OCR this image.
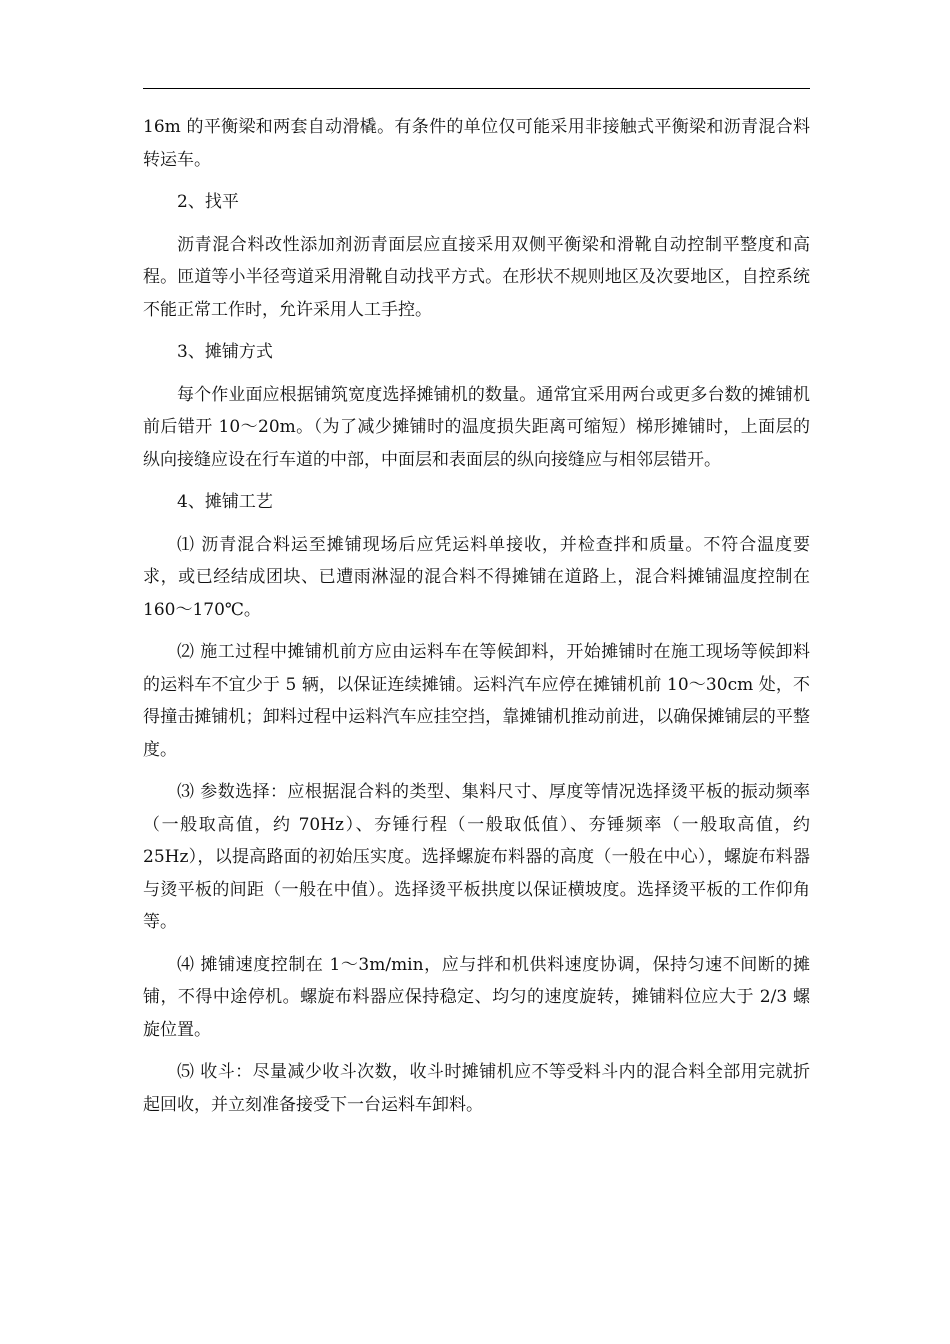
16m 的平衡梁和两套自动滑橇。有条件的单位仅可能采用非接触式平衡梁和沥青混合料转运车。

2、找平

沥青混合料改性添加剂沥青面层应直接采用双侧平衡梁和滑靴自动控制平整度和高程。匝道等小半径弯道采用滑靴自动找平方式。在形状不规则地区及次要地区，自控系统不能正常工作时，允许采用人工手控。

3、摊铺方式

每个作业面应根据铺筑宽度选择摊铺机的数量。通常宜采用两台或更多台数的摊铺机前后错开 10～20m。（为了减少摊铺时的温度损失距离可缩短）梯形摊铺时，上面层的纵向接缝应设在行车道的中部，中面层和表面层的纵向接缝应与相邻层错开。

4、摊铺工艺

⑴ 沥青混合料运至摊铺现场后应凭运料单接收，并检查拌和质量。不符合温度要求，或已经结成团块、已遭雨淋湿的混合料不得摊铺在道路上，混合料摊铺温度控制在 160～170℃。

⑵ 施工过程中摊铺机前方应由运料车在等候卸料，开始摊铺时在施工现场等候卸料的运料车不宜少于 5 辆，以保证连续摊铺。运料汽车应停在摊铺机前 10～30cm 处，不得撞击摊铺机；卸料过程中运料汽车应挂空挡，靠摊铺机推动前进，以确保摊铺层的平整度。

⑶ 参数选择：应根据混合料的类型、集料尺寸、厚度等情况选择烫平板的振动频率（一般取高值，约 70Hz）、夯锤行程（一般取低值）、夯锤频率（一般取高值，约 25Hz），以提高路面的初始压实度。选择螺旋布料器的高度（一般在中心），螺旋布料器与烫平板的间距（一般在中值）。选择烫平板拱度以保证横坡度。选择烫平板的工作仰角等。

⑷ 摊铺速度控制在 1～3m/min，应与拌和机供料速度协调，保持匀速不间断的摊铺，不得中途停机。螺旋布料器应保持稳定、均匀的速度旋转，摊铺料位应大于 2/3 螺旋位置。

⑸ 收斗：尽量减少收斗次数，收斗时摊铺机应不等受料斗内的混合料全部用完就折起回收，并立刻准备接受下一台运料车卸料。
